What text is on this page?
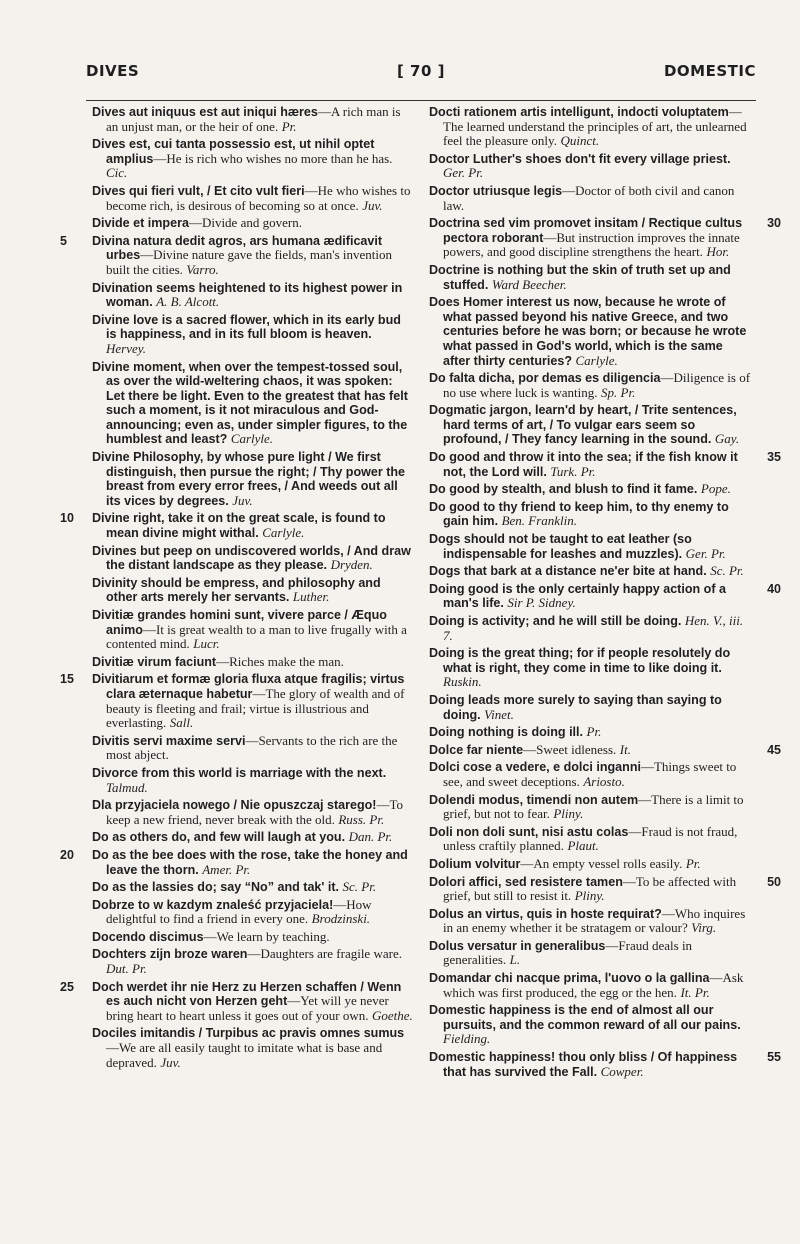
DIVES	[ 70 ]	DOMESTIC
Dives aut iniquus est aut iniqui hæres—A rich man is an unjust man, or the heir of one. Pr.
Dives est, cui tanta possessio est, ut nihil optet amplius—He is rich who wishes no more than he has. Cic.
Dives qui fieri vult, / Et cito vult fieri—He who wishes to become rich, is desirous of becoming so at once. Juv.
Divide et impera—Divide and govern.
5 Divina natura dedit agros, ars humana ædificavit urbes—Divine nature gave the fields, man's invention built the cities. Varro.
Divination seems heightened to its highest power in woman. A. B. Alcott.
Divine love is a sacred flower, which in its early bud is happiness, and in its full bloom is heaven. Hervey.
Divine moment, when over the tempest-tossed soul, as over the wild-weltering chaos, it was spoken: Let there be light. Even to the greatest that has felt such a moment, is it not miraculous and God-announcing; even as, under simpler figures, to the humblest and least? Carlyle.
Divine Philosophy, by whose pure light / We first distinguish, then pursue the right; / Thy power the breast from every error frees, / And weeds out all its vices by degrees. Juv.
10 Divine right, take it on the great scale, is found to mean divine might withal. Carlyle.
Divines but peep on undiscovered worlds, / And draw the distant landscape as they please. Dryden.
Divinity should be empress, and philosophy and other arts merely her servants. Luther.
Divitiæ grandes homini sunt, vivere parce / Æquo animo—It is great wealth to a man to live frugally with a contented mind. Lucr.
Divitiæ virum faciunt—Riches make the man.
15 Divitiarum et formæ gloria fluxa atque fragilis; virtus clara æternaque habetur—The glory of wealth and of beauty is fleeting and frail; virtue is illustrious and everlasting. Sall.
Divitis servi maxime servi—Servants to the rich are the most abject.
Divorce from this world is marriage with the next. Talmud.
Dla przyjaciela nowego / Nie opuszczaj starego!—To keep a new friend, never break with the old. Russ. Pr.
Do as others do, and few will laugh at you. Dan. Pr.
20 Do as the bee does with the rose, take the honey and leave the thorn. Amer. Pr.
Do as the lassies do; say “No” and tak' it. Sc. Pr.
Dobrze to w kazdym znaleść przyjaciela!—How delightful to find a friend in every one. Brodzinski.
Docendo discimus—We learn by teaching.
Dochters zijn broze waren—Daughters are fragile ware. Dut. Pr.
25 Doch werdet ihr nie Herz zu Herzen schaffen / Wenn es auch nicht von Herzen geht—Yet will ye never bring heart to heart unless it goes out of your own. Goethe.
Dociles imitandis / Turpibus ac pravis omnes sumus—We are all easily taught to imitate what is base and depraved. Juv.
Docti rationem artis intelligunt, indocti voluptatem—The learned understand the principles of art, the unlearned feel the pleasure only. Quinct.
Doctor Luther's shoes don't fit every village priest. Ger. Pr.
Doctor utriusque legis—Doctor of both civil and canon law.
30
Doctrina sed vim promovet insitam / Rectique cultus pectora roborant—But instruction improves the innate powers, and good discipline strengthens the heart. Hor.
Doctrine is nothing but the skin of truth set up and stuffed. Ward Beecher.
Does Homer interest us now, because he wrote of what passed beyond his native Greece, and two centuries before he was born; or because he wrote what passed in God's world, which is the same after thirty centuries? Carlyle.
Do falta dicha, por demas es diligencia—Diligence is of no use where luck is wanting. Sp. Pr.
Dogmatic jargon, learn'd by heart, / Trite sentences, hard terms of art, / To vulgar ears seem so profound, / They fancy learning in the sound. Gay.
35
Do good and throw it into the sea; if the fish know it not, the Lord will. Turk. Pr.
Do good by stealth, and blush to find it fame. Pope.
Do good to thy friend to keep him, to thy enemy to gain him. Ben. Franklin.
Dogs should not be taught to eat leather (so indispensable for leashes and muzzles). Ger. Pr.
Dogs that bark at a distance ne'er bite at hand. Sc. Pr.
40
Doing good is the only certainly happy action of a man's life. Sir P. Sidney.
Doing is activity; and he will still be doing. Hen. V., iii. 7.
Doing is the great thing; for if people resolutely do what is right, they come in time to like doing it. Ruskin.
Doing leads more surely to saying than saying to doing. Vinet.
Doing nothing is doing ill. Pr.
45
Dolce far niente—Sweet idleness. It.
Dolci cose a vedere, e dolci inganni—Things sweet to see, and sweet deceptions. Ariosto.
Dolendi modus, timendi non autem—There is a limit to grief, but not to fear. Pliny.
Doli non doli sunt, nisi astu colas—Fraud is not fraud, unless craftily planned. Plaut.
Dolium volvitur—An empty vessel rolls easily. Pr.
50
Dolori affici, sed resistere tamen—To be affected with grief, but still to resist it. Pliny.
Dolus an virtus, quis in hoste requirat?—Who inquires in an enemy whether it be stratagem or valour? Virg.
Dolus versatur in generalibus—Fraud deals in generalities. L.
Domandar chi nacque prima, l'uovo o la gallina—Ask which was first produced, the egg or the hen. It. Pr.
Domestic happiness is the end of almost all our pursuits, and the common reward of all our pains. Fielding.
55
Domestic happiness! thou only bliss / Of happiness that has survived the Fall. Cowper.
